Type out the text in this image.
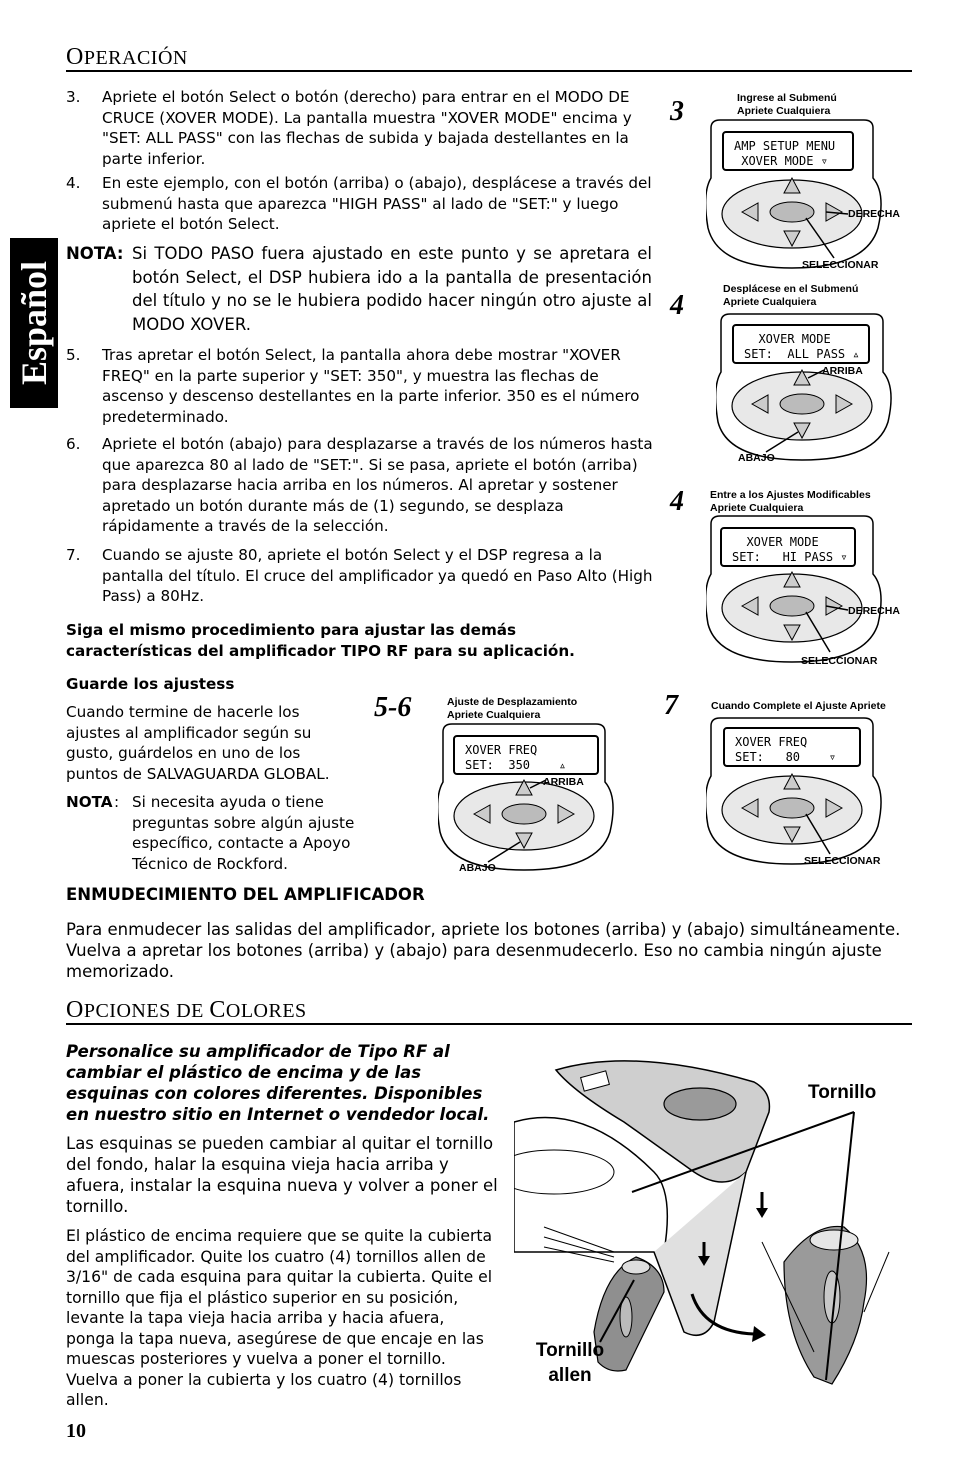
Español
OPERACIÓN
3. Apriete el botón Select o botón (derecho) para entrar en el MODO DE CRUCE (XOVER MODE). La pantalla muestra "XOVER MODE" encima y "SET: ALL PASS" con las flechas de subida y bajada destellantes en la parte inferior.
4. En este ejemplo, con el botón (arriba) o (abajo), desplácese a través del submenú hasta que aparezca "HIGH PASS" al lado de "SET:" y luego apriete el botón Select.
NOTA: Si TODO PASO fuera ajustado en este punto y se apretara el botón Select, el DSP hubiera ido a la pantalla de presentación del título y no se le hubiera podido hacer ningún otro ajuste al MODO XOVER.
5. Tras apretar el botón Select, la pantalla ahora debe mostrar "XOVER FREQ" en la parte superior y "SET: 350", y muestra las flechas de ascenso y descenso destellantes en la parte inferior. 350 es el número predeterminado.
6. Apriete el botón (abajo) para desplazarse a través de los números hasta que aparezca 80 al lado de "SET:". Si se pasa, apriete el botón (arriba) para desplazarse hacia arriba en los números. Al apretar y sostener apretado un botón durante más de (1) segundo, se desplaza rápidamente a través de la selección.
7. Cuando se ajuste 80, apriete el botón Select y el DSP regresa a la pantalla del título. El cruce del amplificador ya quedó en Paso Alto (High Pass) a 80Hz.
Siga el mismo procedimiento para ajustar las demás características del amplificador TIPO RF para su aplicación.
Guarde los ajustess
Cuando termine de hacerle los ajustes al amplificador según su gusto, guárdelos en uno de los puntos de SALVAGUARDA GLOBAL.
NOTA : Si necesita ayuda o tiene preguntas sobre algún ajuste específico, contacte a Apoyo Técnico de Rockford.
ENMUDECIMIENTO DEL AMPLIFICADOR
Para enmudecer las salidas del amplificador, apriete los botones (arriba) y (abajo) simultáneamente. Vuelva a apretar los botones (arriba) y (abajo) para desenmudecerlo. Eso no cambia ningún ajuste memorizado.
OPCIONES DE COLORES
Personalice su amplificador de Tipo RF al cambiar el plástico de encima y de las esquinas con colores diferentes. Disponibles en nuestro sitio en Internet o vendedor local.
Las esquinas se pueden cambiar al quitar el tornillo del fondo, halar la esquina vieja hacia arriba y afuera, instalar la esquina nueva y volver a poner el tornillo.
El plástico de encima requiere que se quite la cubierta del amplificador. Quite los cuatro (4) tornillos allen de 3/16" de cada esquina para quitar la cubierta. Quite el tornillo que fija el plástico superior en su posición, levante la tapa vieja hacia arriba y hacia afuera, ponga la tapa nueva, asegúrese de que encaje en las muescas posteriores y vuelva a poner el tornillo. Vuelva a poner la cubierta y los cuatro (4) tornillos allen.
10
3	Ingrese al Submenú
Apriete Cualquiera
AMP SETUP MENU
XOVER MODE ▿
DERECHA
SELECCIONAR
4
Desplácese en el Submenú
Apriete Cualquiera
XOVER MODE
SET:  ALL PASS ▵
ARRIBA
ABAJO
4 Entre a los Ajustes Modificables
Apriete Cualquiera
XOVER MODE
SET:   HI PASS ▿
DERECHA
SELECCIONAR
5-6	Ajuste de Desplazamiento
Apriete Cualquiera
XOVER FREQ
SET:  350    ▵
ARRIBA
ABAJO
7	Cuando Complete el Ajuste Apriete
XOVER FREQ
SET:   80    ▿
SELECCIONAR
Tornillo
Tornillo
allen
